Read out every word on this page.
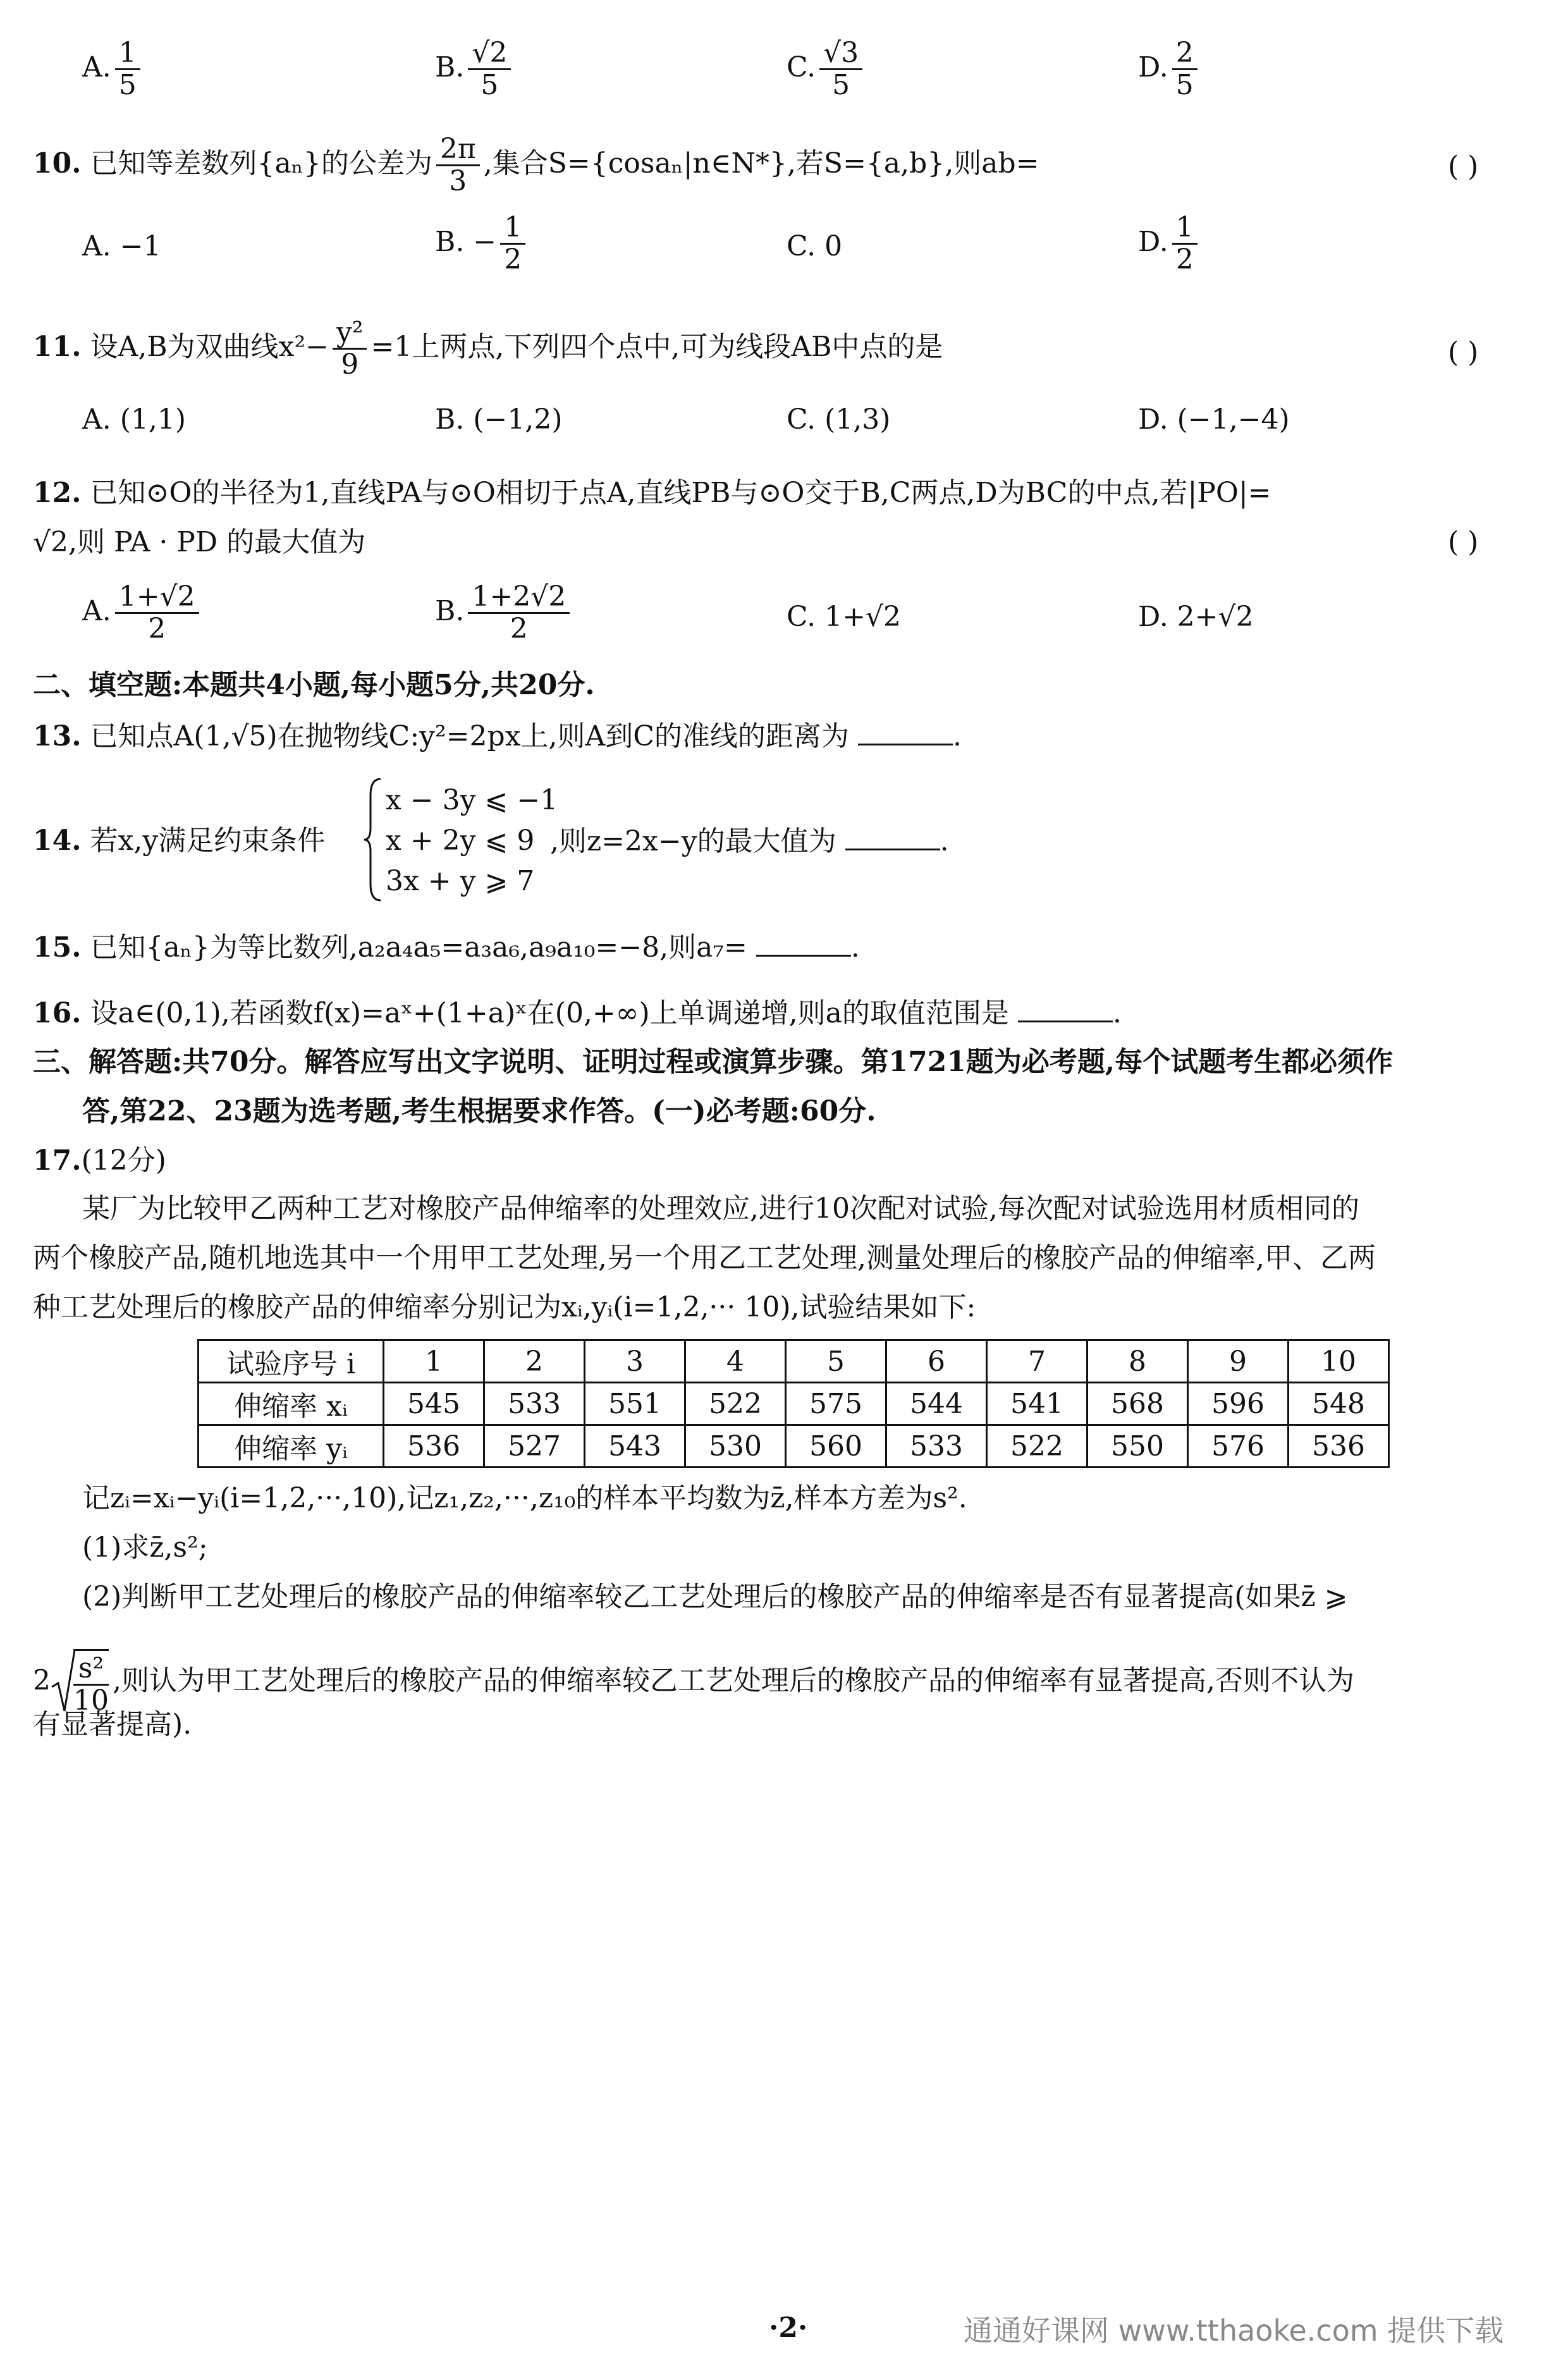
A. $\frac{1}{5}$	B. $\frac{√2}{5}$	C. $\frac{√3}{5}$	D. $\frac{2}{5}$
10. 已知等差数列{aₙ}的公差为 $\frac{2\pi}{3}$ ,集合S={cosaₙ|n∈N*},若S={a,b},则ab=	( )
A. −1	B. − $\frac{1}{2}$	C. 0	D. $\frac{1}{2}$
11. 设A,B为双曲线$x^2- \frac{\text{y²}}{9} =1$上两点,下列四个点中,可为线段AB中点的是	( )
A. (1,1)	B. (−1,2)	C. (1,3)	D. (−1,−4)
12. 已知⊙O的半径为1,直线PA与⊙O相切于点A,直线PB与⊙O交于B,C两点,D为BC的中点,若|PO|=
√2,则 PA · PD 的最大值为	( )
A. $\frac{1+√2}{2}$	B. $\frac{1+2√2}{2}$	C. 1+√2	D. 2+√2
二、填空题:本题共4小题,每小题5分,共20分.
13. 已知点A(1,√5)在抛物线C:y²=2px上,则A到C的准线的距离为	.
14. 若x,y满足约束条件
x − 3y ⩽ −1
x + 2y ⩽ 9
3x + y ⩾ 7
,则z=2x−y的最大值为	.
15. 已知{aₙ}为等比数列,a₂a₄a₅=a₃a₆,a₉a₁₀=−8,则a₇=	.
16. 设a∈(0,1),若函数f(x)=aˣ+(1+a)ˣ在(0,+∞)上单调递增,则a的取值范围是	.
三、解答题:共70分。解答应写出文字说明、证明过程或演算步骤。第1721题为必考题,每个试题考生都必须作
答,第22、23题为选考题,考生根据要求作答。(一)必考题:60分.
17.(12分)
某厂为比较甲乙两种工艺对橡胶产品伸缩率的处理效应,进行10次配对试验,每次配对试验选用材质相同的
两个橡胶产品,随机地选其中一个用甲工艺处理,另一个用乙工艺处理,测量处理后的橡胶产品的伸缩率,甲、乙两
种工艺处理后的橡胶产品的伸缩率分别记为xᵢ,yᵢ(i=1,2,··· 10),试验结果如下:
试验序号 i	1	2	3	4	5	6	7	8	9	10
伸缩率 xᵢ	545	533	551	522	575	544	541	568	596	548
伸缩率 yᵢ	536	527	543	530	560	533	522	550	576	536
记zᵢ=xᵢ−yᵢ(i=1,2,···,10),记z₁,z₂,···,z₁₀的样本平均数为z̄,样本方差为s².
(1)求z̄,s²;
(2)判断甲工艺处理后的橡胶产品的伸缩率较乙工艺处理后的橡胶产品的伸缩率是否有显著提高(如果z̄ ⩾
$2 \frac{\text{s²}}{10}$ ,则认为甲工艺处理后的橡胶产品的伸缩率较乙工艺处理后的橡胶产品的伸缩率有显著提高,否则不认为
有显著提高).
·2·	通通好课网 www.tthaoke.com 提供下载
